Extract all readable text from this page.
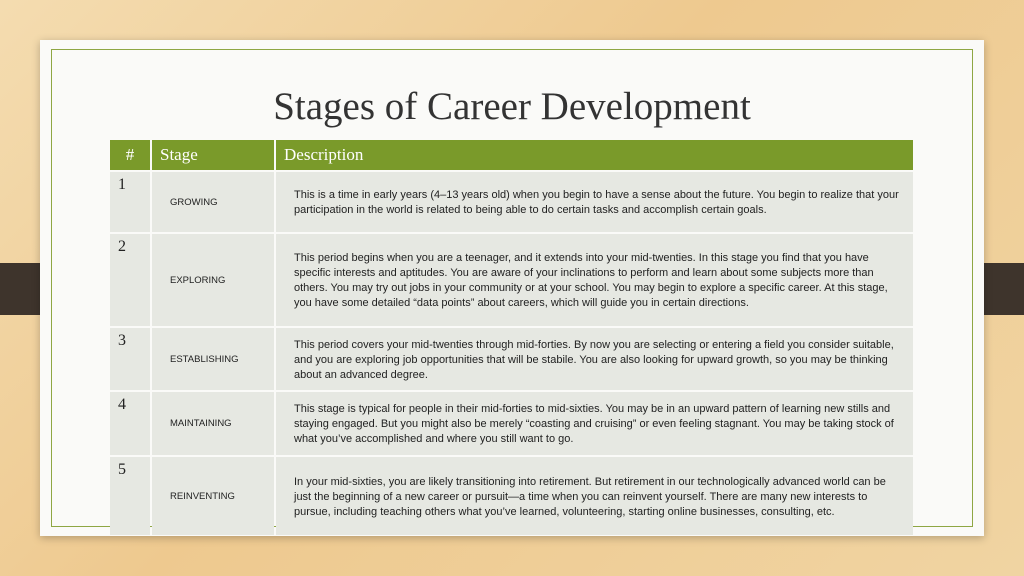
Stages of Career Development
#	Stage	Description
1	GROWING	This is a time in early years (4–13 years old) when you begin to have a sense about the future. You begin to realize that your participation in the world is related to being able to do certain tasks and accomplish certain goals.
2	EXPLORING	This period begins when you are a teenager, and it extends into your mid-twenties. In this stage you find that you have specific interests and aptitudes. You are aware of your inclinations to perform and learn about some subjects more than others. You may try out jobs in your community or at your school. You may begin to explore a specific career. At this stage, you have some detailed “data points” about careers, which will guide you in certain directions.
3	ESTABLISHING	This period covers your mid-twenties through mid-forties. By now you are selecting or entering a field you consider suitable, and you are exploring job opportunities that will be stabile. You are also looking for upward growth, so you may be thinking about an advanced degree.
4	MAINTAINING	This stage is typical for people in their mid-forties to mid-sixties. You may be in an upward pattern of learning new stills and staying engaged. But you might also be merely “coasting and cruising” or even feeling stagnant. You may be taking stock of what you’ve accomplished and where you still want to go.
5	REINVENTING	In your mid-sixties, you are likely transitioning into retirement. But retirement in our technologically advanced world can be just the beginning of a new career or pursuit—a time when you can reinvent yourself. There are many new interests to pursue, including teaching others what you’ve learned, volunteering, starting online businesses, consulting, etc.
